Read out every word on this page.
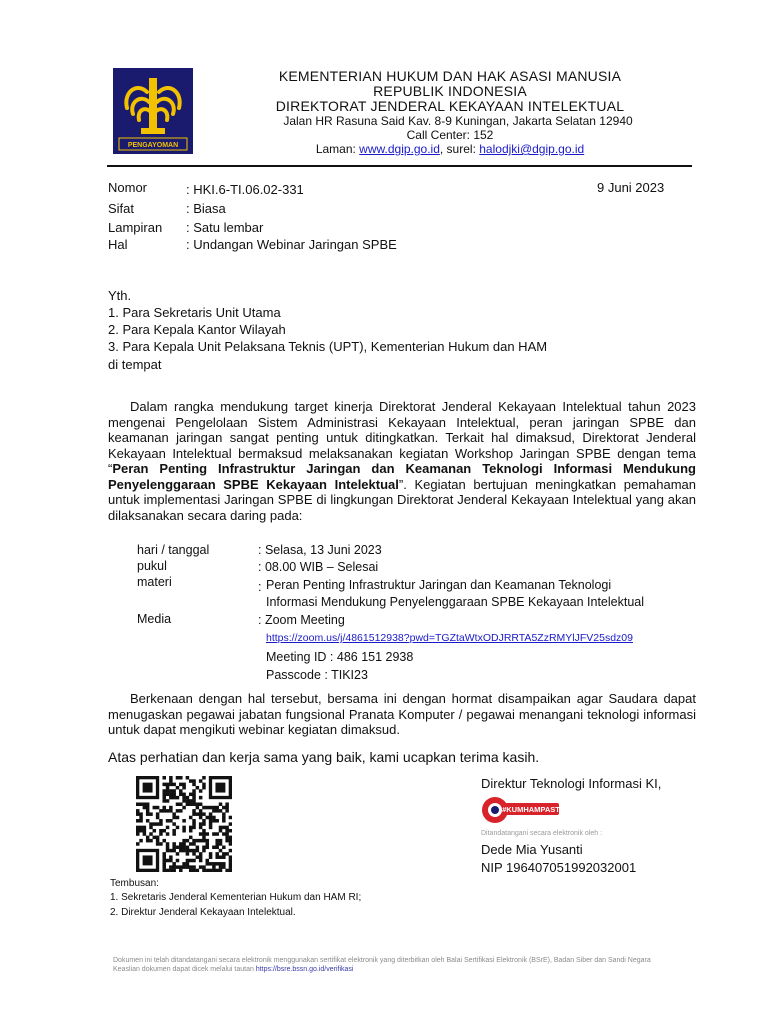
PENGAYOMAN
KEMENTERIAN HUKUM DAN HAK ASASI MANUSIA
REPUBLIK INDONESIA
DIREKTORAT JENDERAL KEKAYAAN INTELEKTUAL
Jalan HR Rasuna Said Kav. 8-9 Kuningan, Jakarta Selatan 12940
Call Center: 152
Laman: www.dgip.go.id, surel: halodjki@dgip.go.id
Nomor	: HKI.6-TI.06.02-331	9 Juni 2023
Sifat	: Biasa
Lampiran : Satu lembar
Hal	: Undangan Webinar Jaringan SPBE
Yth.
1. Para Sekretaris Unit Utama
2. Para Kepala Kantor Wilayah
3. Para Kepala Unit Pelaksana Teknis (UPT), Kementerian Hukum dan HAM
di tempat
Dalam rangka mendukung target kinerja Direktorat Jenderal Kekayaan Intelektual tahun 2023 mengenai Pengelolaan Sistem Administrasi Kekayaan Intelektual, peran jaringan SPBE dan keamanan jaringan sangat penting untuk ditingkatkan. Terkait hal dimaksud, Direktorat Jenderal Kekayaan Intelektual bermaksud melaksanakan kegiatan Workshop Jaringan SPBE dengan tema “Peran Penting Infrastruktur Jaringan dan Keamanan Teknologi Informasi Mendukung Penyelenggaraan SPBE Kekayaan Intelektual”. Kegiatan bertujuan meningkatkan pemahaman untuk implementasi Jaringan SPBE di lingkungan Direktorat Jenderal Kekayaan Intelektual yang akan dilaksanakan secara daring pada:
hari / tanggal	: Selasa, 13 Juni 2023
pukul	: 08.00 WIB – Selesai
materi	: Peran Penting Infrastruktur Jaringan dan Keamanan Teknologi
Informasi Mendukung Penyelenggaraan SPBE Kekayaan Intelektual
Media	: Zoom Meeting
https://zoom.us/j/4861512938?pwd=TGZtaWtxODJRRTA5ZzRMYlJFV25sdz09
Meeting ID : 486 151 2938
Passcode : TIKI23
Berkenaan dengan hal tersebut, bersama ini dengan hormat disampaikan agar Saudara dapat menugaskan pegawai jabatan fungsional Pranata Komputer / pegawai menangani teknologi informasi untuk dapat mengikuti webinar kegiatan dimaksud.
Atas perhatian dan kerja sama yang baik, kami ucapkan terima kasih.
Direktur Teknologi Informasi KI,
#KUMHAMPASTI
Ditandatangani secara elektronik oleh :
Dede Mia Yusanti
NIP 196407051992032001
Tembusan:
1. Sekretaris Jenderal Kementerian Hukum dan HAM RI;
2. Direktur Jenderal Kekayaan Intelektual.
Dokumen ini telah ditandatangani secara elektronik menggunakan sertifikat elektronik yang diterbitkan oleh Balai Sertifikasi Elektronik (BSrE), Badan Siber dan Sandi Negara
Keaslian dokumen dapat dicek melalui tautan https://bsre.bssn.go.id/verifikasi
